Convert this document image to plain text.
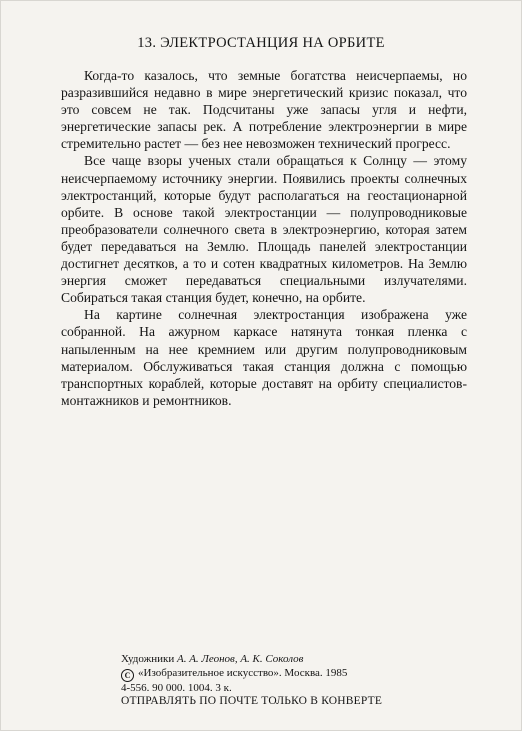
13. ЭЛЕКТРОСТАНЦИЯ НА ОРБИТЕ

Когда-то казалось, что земные богатства неисчерпаемы, но разразившийся недавно в мире энергетический кризис показал, что это совсем не так. Подсчитаны уже запасы угля и нефти, энергетические запасы рек. А потребление электроэнергии в мире стремительно растет — без нее невозможен технический прогресс.

Все чаще взоры ученых стали обращаться к Солнцу — этому неисчерпаемому источнику энергии. Появились проекты солнечных электростанций, которые будут располагаться на геостационарной орбите. В основе такой электростанции — полупроводниковые преобразователи солнечного света в электроэнергию, которая затем будет передаваться на Землю. Площадь панелей электростанции достигнет десятков, а то и сотен квадратных километров. На Землю энергия сможет передаваться специальными излучателями. Собираться такая станция будет, конечно, на орбите.

На картине солнечная электростанция изображена уже собранной. На ажурном каркасе натянута тонкая пленка с напыленным на нее кремнием или другим полупроводниковым материалом. Обслуживаться такая станция должна с помощью транспортных кораблей, которые доставят на орбиту специалистов-монтажников и ремонтников.

Художники А. А. Леонов, А. К. Соколов
C «Изобразительное искусство». Москва. 1985
4-556. 90 000. 1004. 3 к.
ОТПРАВЛЯТЬ ПО ПОЧТЕ ТОЛЬКО В КОНВЕРТЕ
